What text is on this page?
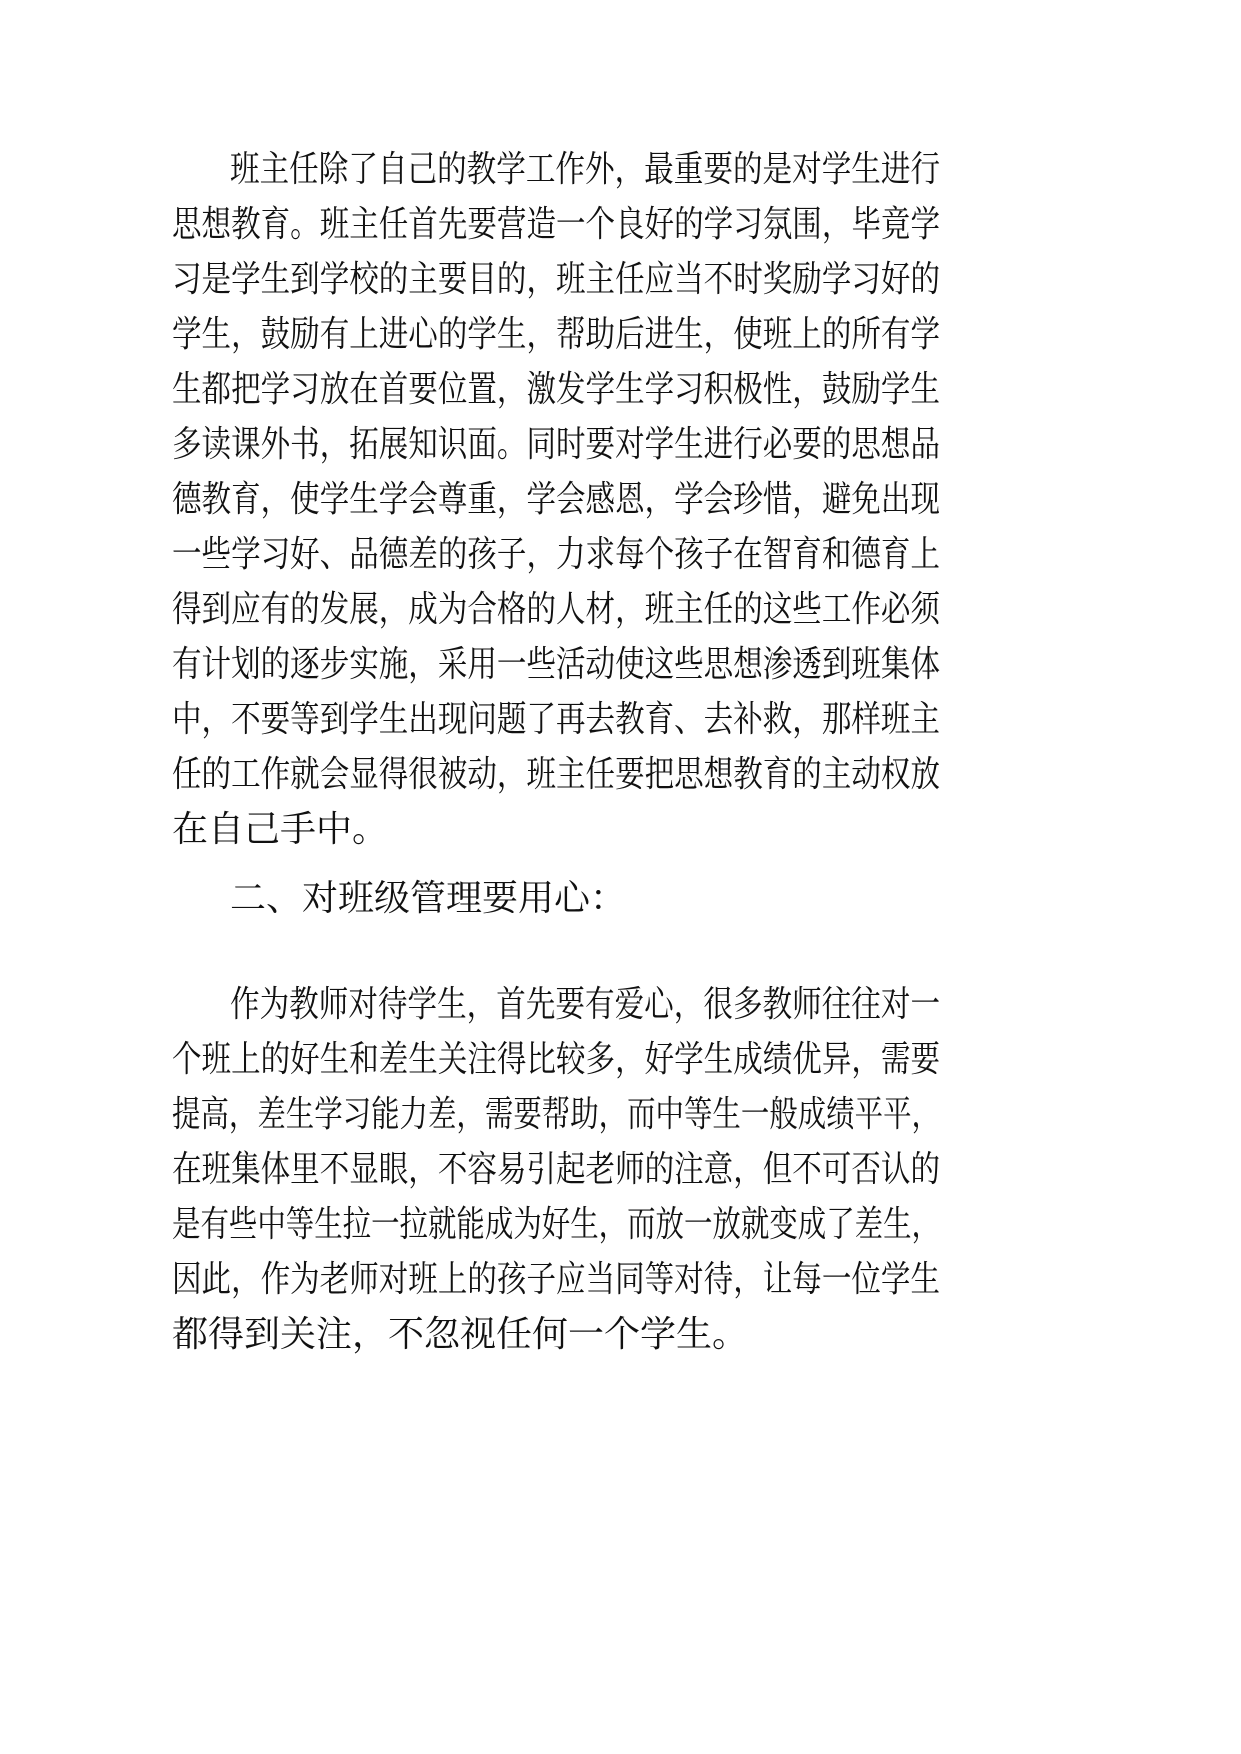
班主任除了自己的教学工作外，最重要的是对学生进行
思想教育。班主任首先要营造一个良好的学习氛围，毕竟学
习是学生到学校的主要目的，班主任应当不时奖励学习好的
学生，鼓励有上进心的学生，帮助后进生，使班上的所有学
生都把学习放在首要位置，激发学生学习积极性，鼓励学生
多读课外书，拓展知识面。同时要对学生进行必要的思想品
德教育，使学生学会尊重，学会感恩，学会珍惜，避免出现
一些学习好、品德差的孩子，力求每个孩子在智育和德育上
得到应有的发展，成为合格的人材，班主任的这些工作必须
有计划的逐步实施，采用一些活动使这些思想渗透到班集体
中，不要等到学生出现问题了再去教育、去补救，那样班主
任的工作就会显得很被动，班主任要把思想教育的主动权放
在自己手中。
二、对班级管理要用心：
作为教师对待学生，首先要有爱心，很多教师往往对一
个班上的好生和差生关注得比较多，好学生成绩优异，需要
提高，差生学习能力差，需要帮助，而中等生一般成绩平平，
在班集体里不显眼，不容易引起老师的注意，但不可否认的
是有些中等生拉一拉就能成为好生，而放一放就变成了差生，
因此，作为老师对班上的孩子应当同等对待，让每一位学生
都得到关注，不忽视任何一个学生。
